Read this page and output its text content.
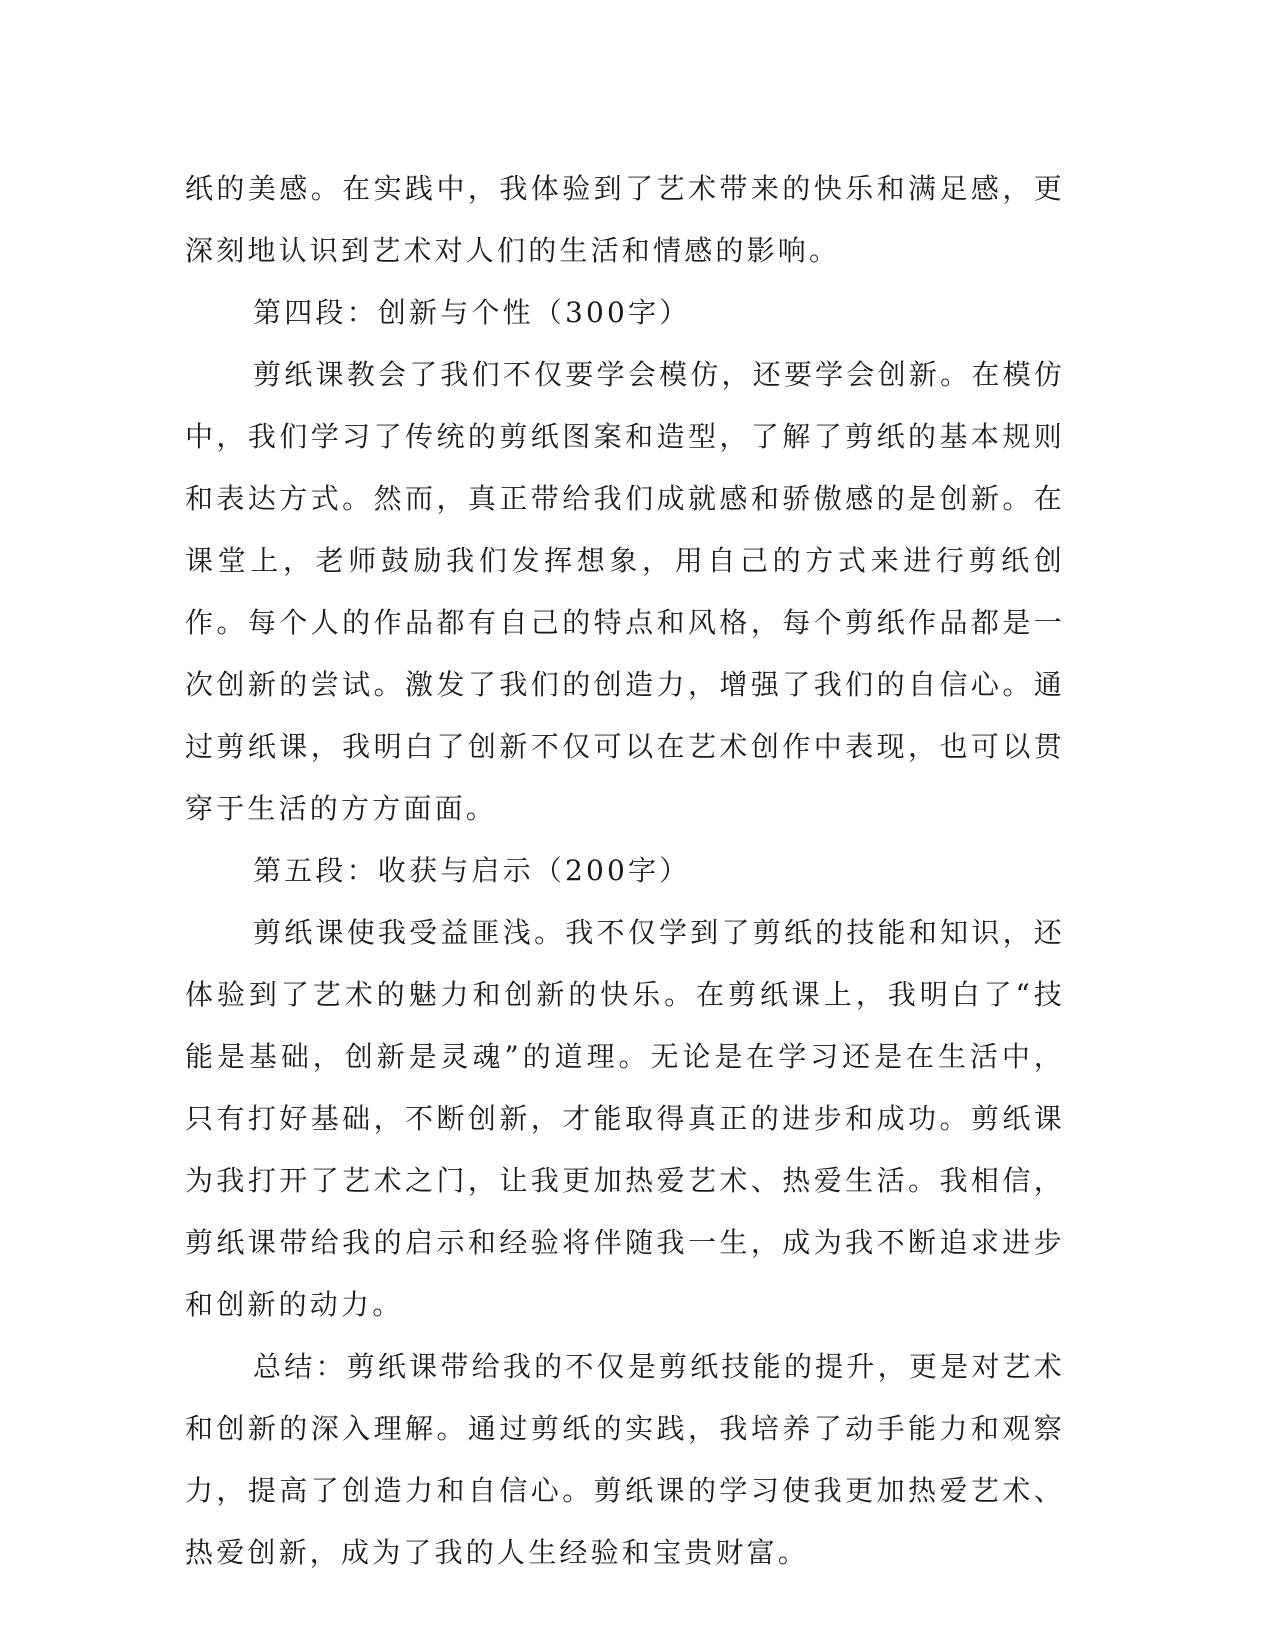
纸的美感。在实践中，我体验到了艺术带来的快乐和满足感，更深刻地认识到艺术对人们的生活和情感的影响。

第四段：创新与个性（300字）

剪纸课教会了我们不仅要学会模仿，还要学会创新。在模仿中，我们学习了传统的剪纸图案和造型，了解了剪纸的基本规则和表达方式。然而，真正带给我们成就感和骄傲感的是创新。在课堂上，老师鼓励我们发挥想象，用自己的方式来进行剪纸创作。每个人的作品都有自己的特点和风格，每个剪纸作品都是一次创新的尝试。激发了我们的创造力，增强了我们的自信心。通过剪纸课，我明白了创新不仅可以在艺术创作中表现，也可以贯穿于生活的方方面面。

第五段：收获与启示（200字）

剪纸课使我受益匪浅。我不仅学到了剪纸的技能和知识，还体验到了艺术的魅力和创新的快乐。在剪纸课上，我明白了“技能是基础，创新是灵魂”的道理。无论是在学习还是在生活中，只有打好基础，不断创新，才能取得真正的进步和成功。剪纸课为我打开了艺术之门，让我更加热爱艺术、热爱生活。我相信，剪纸课带给我的启示和经验将伴随我一生，成为我不断追求进步和创新的动力。

总结：剪纸课带给我的不仅是剪纸技能的提升，更是对艺术和创新的深入理解。通过剪纸的实践，我培养了动手能力和观察力，提高了创造力和自信心。剪纸课的学习使我更加热爱艺术、热爱创新，成为了我的人生经验和宝贵财富。
